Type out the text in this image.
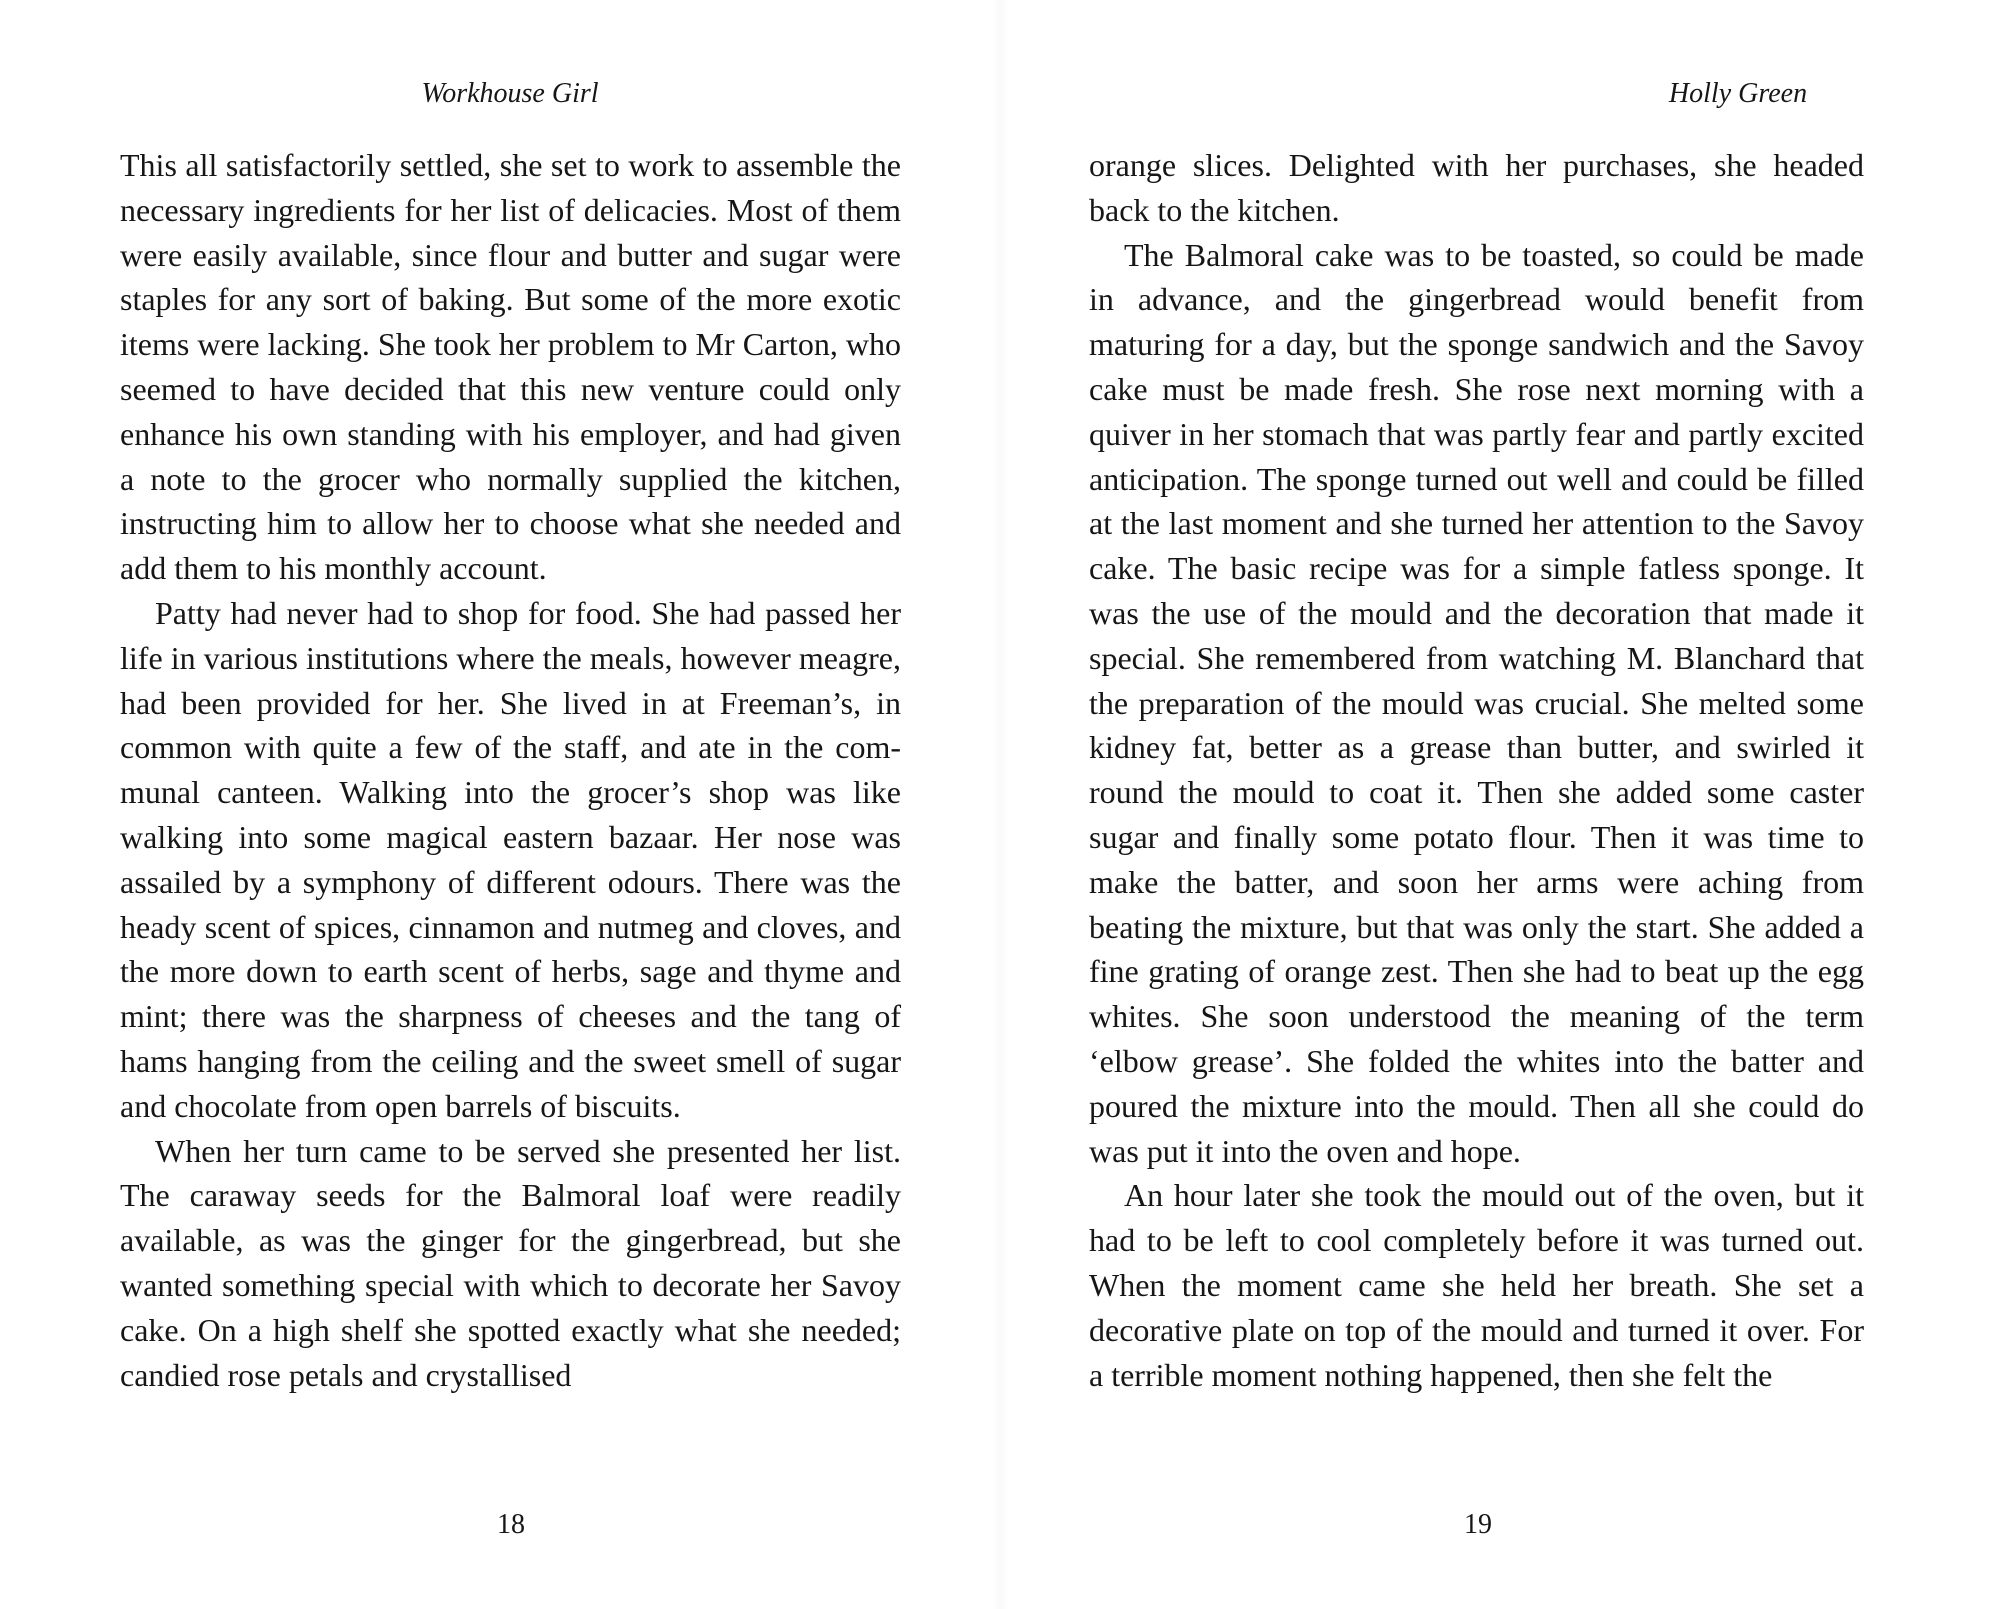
Workhouse Girl

This all satisfactorily settled, she set to work to assemble the necessary ingredients for her list of delicacies. Most of them were easily available, since flour and butter and sugar were staples for any sort of baking. But some of the more exotic items were lacking. She took her problem to Mr Carton, who seemed to have decided that this new venture could only enhance his own standing with his employer, and had given a note to the grocer who normally supplied the kitchen, instructing him to allow her to choose what she needed and add them to his monthly account.

Patty had never had to shop for food. She had passed her life in various institutions where the meals, however meagre, had been provided for her. She lived in at Freeman’s, in common with quite a few of the staff, and ate in the communal canteen. Walking into the grocer’s shop was like walking into some magical eastern bazaar. Her nose was assailed by a symphony of different odours. There was the heady scent of spices, cinnamon and nutmeg and cloves, and the more down to earth scent of herbs, sage and thyme and mint; there was the sharpness of cheeses and the tang of hams hanging from the ceiling and the sweet smell of sugar and chocolate from open barrels of biscuits.

When her turn came to be served she presented her list. The caraway seeds for the Balmoral loaf were readily available, as was the ginger for the gingerbread, but she wanted something special with which to decorate her Savoy cake. On a high shelf she spotted exactly what she needed; candied rose petals and crystallised

18

Holly Green

orange slices. Delighted with her purchases, she headed back to the kitchen.

The Balmoral cake was to be toasted, so could be made in advance, and the gingerbread would benefit from maturing for a day, but the sponge sandwich and the Savoy cake must be made fresh. She rose next morning with a quiver in her stomach that was partly fear and partly excited anticipation. The sponge turned out well and could be filled at the last moment and she turned her attention to the Savoy cake. The basic recipe was for a simple fatless sponge. It was the use of the mould and the decoration that made it special. She remembered from watching M. Blanchard that the preparation of the mould was crucial. She melted some kidney fat, better as a grease than butter, and swirled it round the mould to coat it. Then she added some caster sugar and finally some potato flour. Then it was time to make the batter, and soon her arms were aching from beating the mixture, but that was only the start. She added a fine grating of orange zest. Then she had to beat up the egg whites. She soon understood the meaning of the term ‘elbow grease’. She folded the whites into the batter and poured the mixture into the mould. Then all she could do was put it into the oven and hope.

An hour later she took the mould out of the oven, but it had to be left to cool completely before it was turned out. When the moment came she held her breath. She set a decorative plate on top of the mould and turned it over. For a terrible moment nothing happened, then she felt the

19
